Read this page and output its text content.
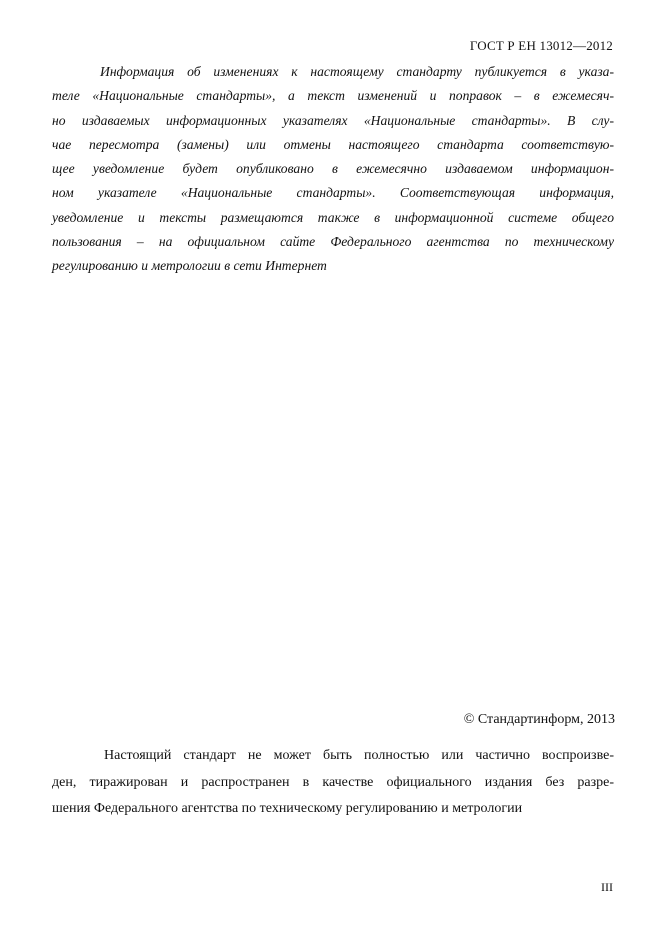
ГОСТ Р ЕН 13012—2012

Информация об изменениях к настоящему стандарту публикуется в указа-
теле «Национальные стандарты», а текст изменений и поправок – в ежемесяч-
но издаваемых информационных указателях «Национальные стандарты». В слу-
чае пересмотра (замены) или отмены настоящего стандарта соответствую-
щее уведомление будет опубликовано в ежемесячно издаваемом информацион-
ном указателе «Национальные стандарты». Соответствующая информация,
уведомление и тексты размещаются также в информационной системе общего
пользования – на официальном сайте Федерального агентства по техническому
регулированию и метрологии в сети Интернет

© Стандартинформ, 2013

Настоящий стандарт не может быть полностью или частично воспроизве-
ден, тиражирован и распространен в качестве официального издания без разре-
шения Федерального агентства по техническому регулированию и метрологии

III
